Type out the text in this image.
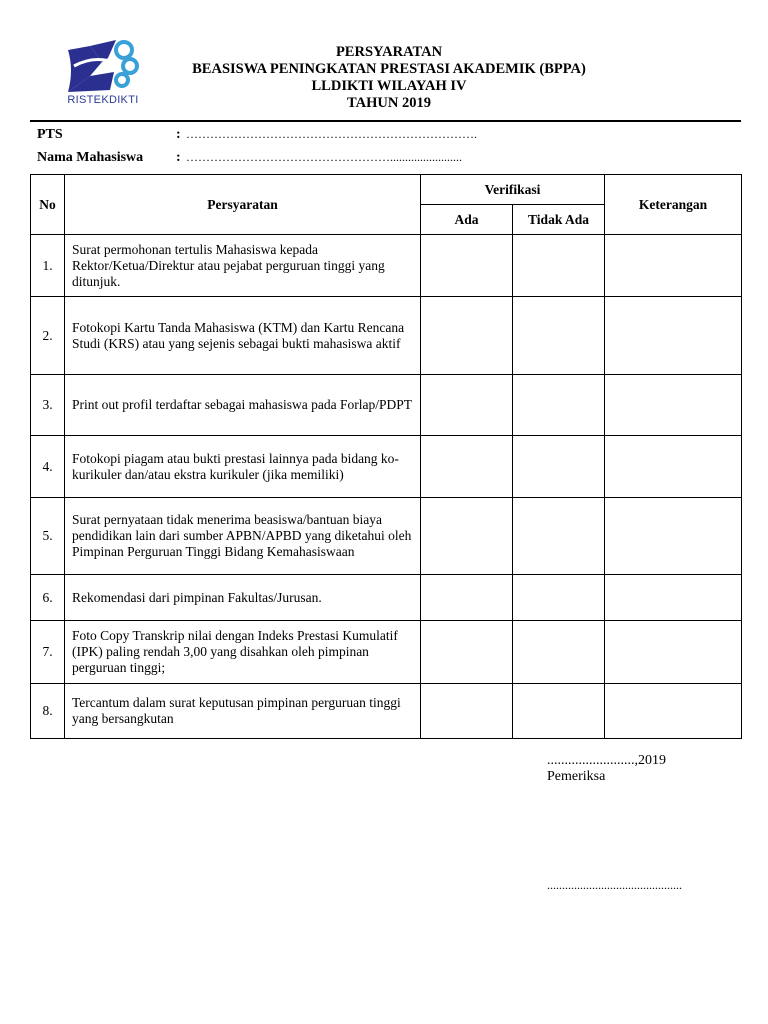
RISTEKDIKTI
PERSYARATAN
BEASISWA PENINGKATAN PRESTASI AKADEMIK (BPPA)
LLDIKTI WILAYAH IV
TAHUN 2019
PTS	: ……………………………………………………………….
Nama Mahasiswa : ……………………………………………........................
No	Persyaratan	Verifikasi		Keterangan
		Ada	Tidak Ada	
1.	Surat permohonan tertulis Mahasiswa kepada Rektor/Ketua/Direktur atau pejabat perguruan tinggi yang ditunjuk.			
2.	Fotokopi Kartu Tanda Mahasiswa (KTM) dan Kartu Rencana Studi (KRS) atau yang sejenis sebagai bukti mahasiswa aktif			
3.	Print out profil terdaftar sebagai mahasiswa pada Forlap/PDPT			
4.	Fotokopi piagam atau bukti prestasi lainnya pada bidang ko-kurikuler dan/atau ekstra kurikuler (jika memiliki)			
5.	Surat pernyataan tidak menerima beasiswa/bantuan biaya pendidikan lain dari sumber APBN/APBD yang diketahui oleh Pimpinan Perguruan Tinggi Bidang Kemahasiswaan			
6.	Rekomendasi dari pimpinan Fakultas/Jurusan.			
7.	Foto Copy Transkrip nilai dengan Indeks Prestasi Kumulatif (IPK) paling rendah 3,00 yang disahkan oleh pimpinan perguruan tinggi;			
8.	Tercantum dalam surat keputusan pimpinan perguruan tinggi yang bersangkutan			
.........................,2019
Pemeriksa
.............................................
